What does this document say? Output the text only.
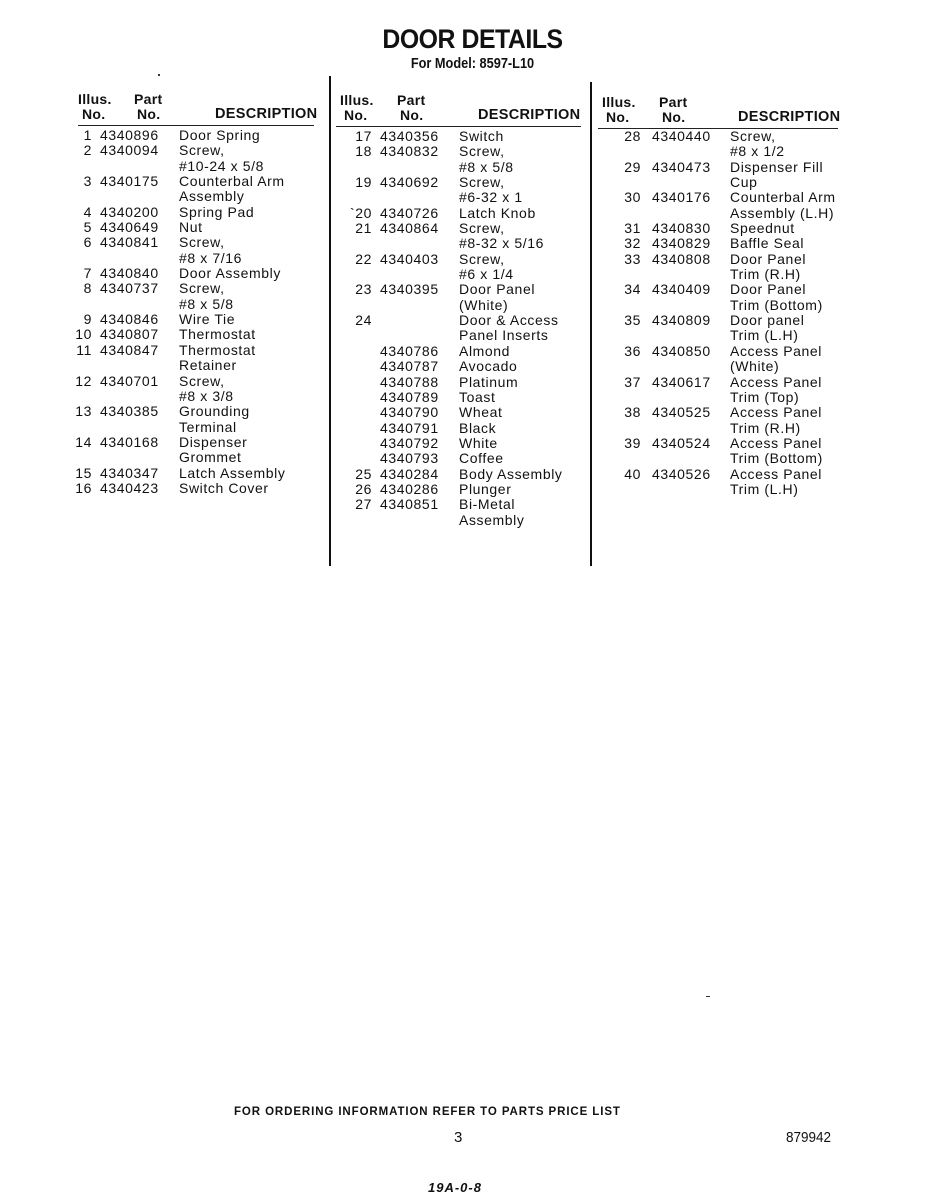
DOOR DETAILS
For Model: 8597-L10
Illus.
No.
Part
No.	DESCRIPTION
1 4340896 Door Spring
2 4340094 Screw,
#10-24 x 5/8
3 4340175 Counterbal Arm
Assembly
4 4340200 Spring Pad
5 4340649 Nut
6 4340841 Screw,
#8 x 7/16
7 4340840 Door Assembly
8 4340737 Screw,
#8 x 5/8
9 4340846 Wire Tie
10 4340807 Thermostat
11 4340847 Thermostat
Retainer
12 4340701 Screw,
#8 x 3/8
13 4340385 Grounding
Terminal
14 4340168 Dispenser
Grommet
15 4340347 Latch Assembly
16 4340423 Switch Cover
Illus.
No.
Part
No.	DESCRIPTION
17 4340356 Switch
18 4340832 Screw,
#8 x 5/8
19 4340692 Screw,
#6-32 x 1
`20 4340726 Latch Knob
21 4340864 Screw,
#8-32 x 5/16
22 4340403 Screw,
#6 x 1/4
23 4340395 Door Panel
(White)
24	Door & Access
Panel Inserts
4340786 Almond
4340787 Avocado
4340788 Platinum
4340789 Toast
4340790 Wheat
4340791 Black
4340792 White
4340793 Coffee
25 4340284 Body Assembly
26 4340286 Plunger
27 4340851 Bi-Metal
Assembly
Illus.
No.
Part
No.	DESCRIPTION
28 4340440 Screw,
#8 x 1/2
29 4340473 Dispenser Fill
Cup
30 4340176 Counterbal Arm
Assembly (L.H)
31 4340830 Speednut
32 4340829 Baffle Seal
33 4340808 Door Panel
Trim (R.H)
34 4340409 Door Panel
Trim (Bottom)
35 4340809 Door panel
Trim (L.H)
36 4340850 Access Panel
(White)
37 4340617 Access Panel
Trim (Top)
38 4340525 Access Panel
Trim (R.H)
39 4340524 Access Panel
Trim (Bottom)
40 4340526 Access Panel
Trim (L.H)
FOR ORDERING INFORMATION REFER TO PARTS PRICE LIST
3	879942
19A-0-8
